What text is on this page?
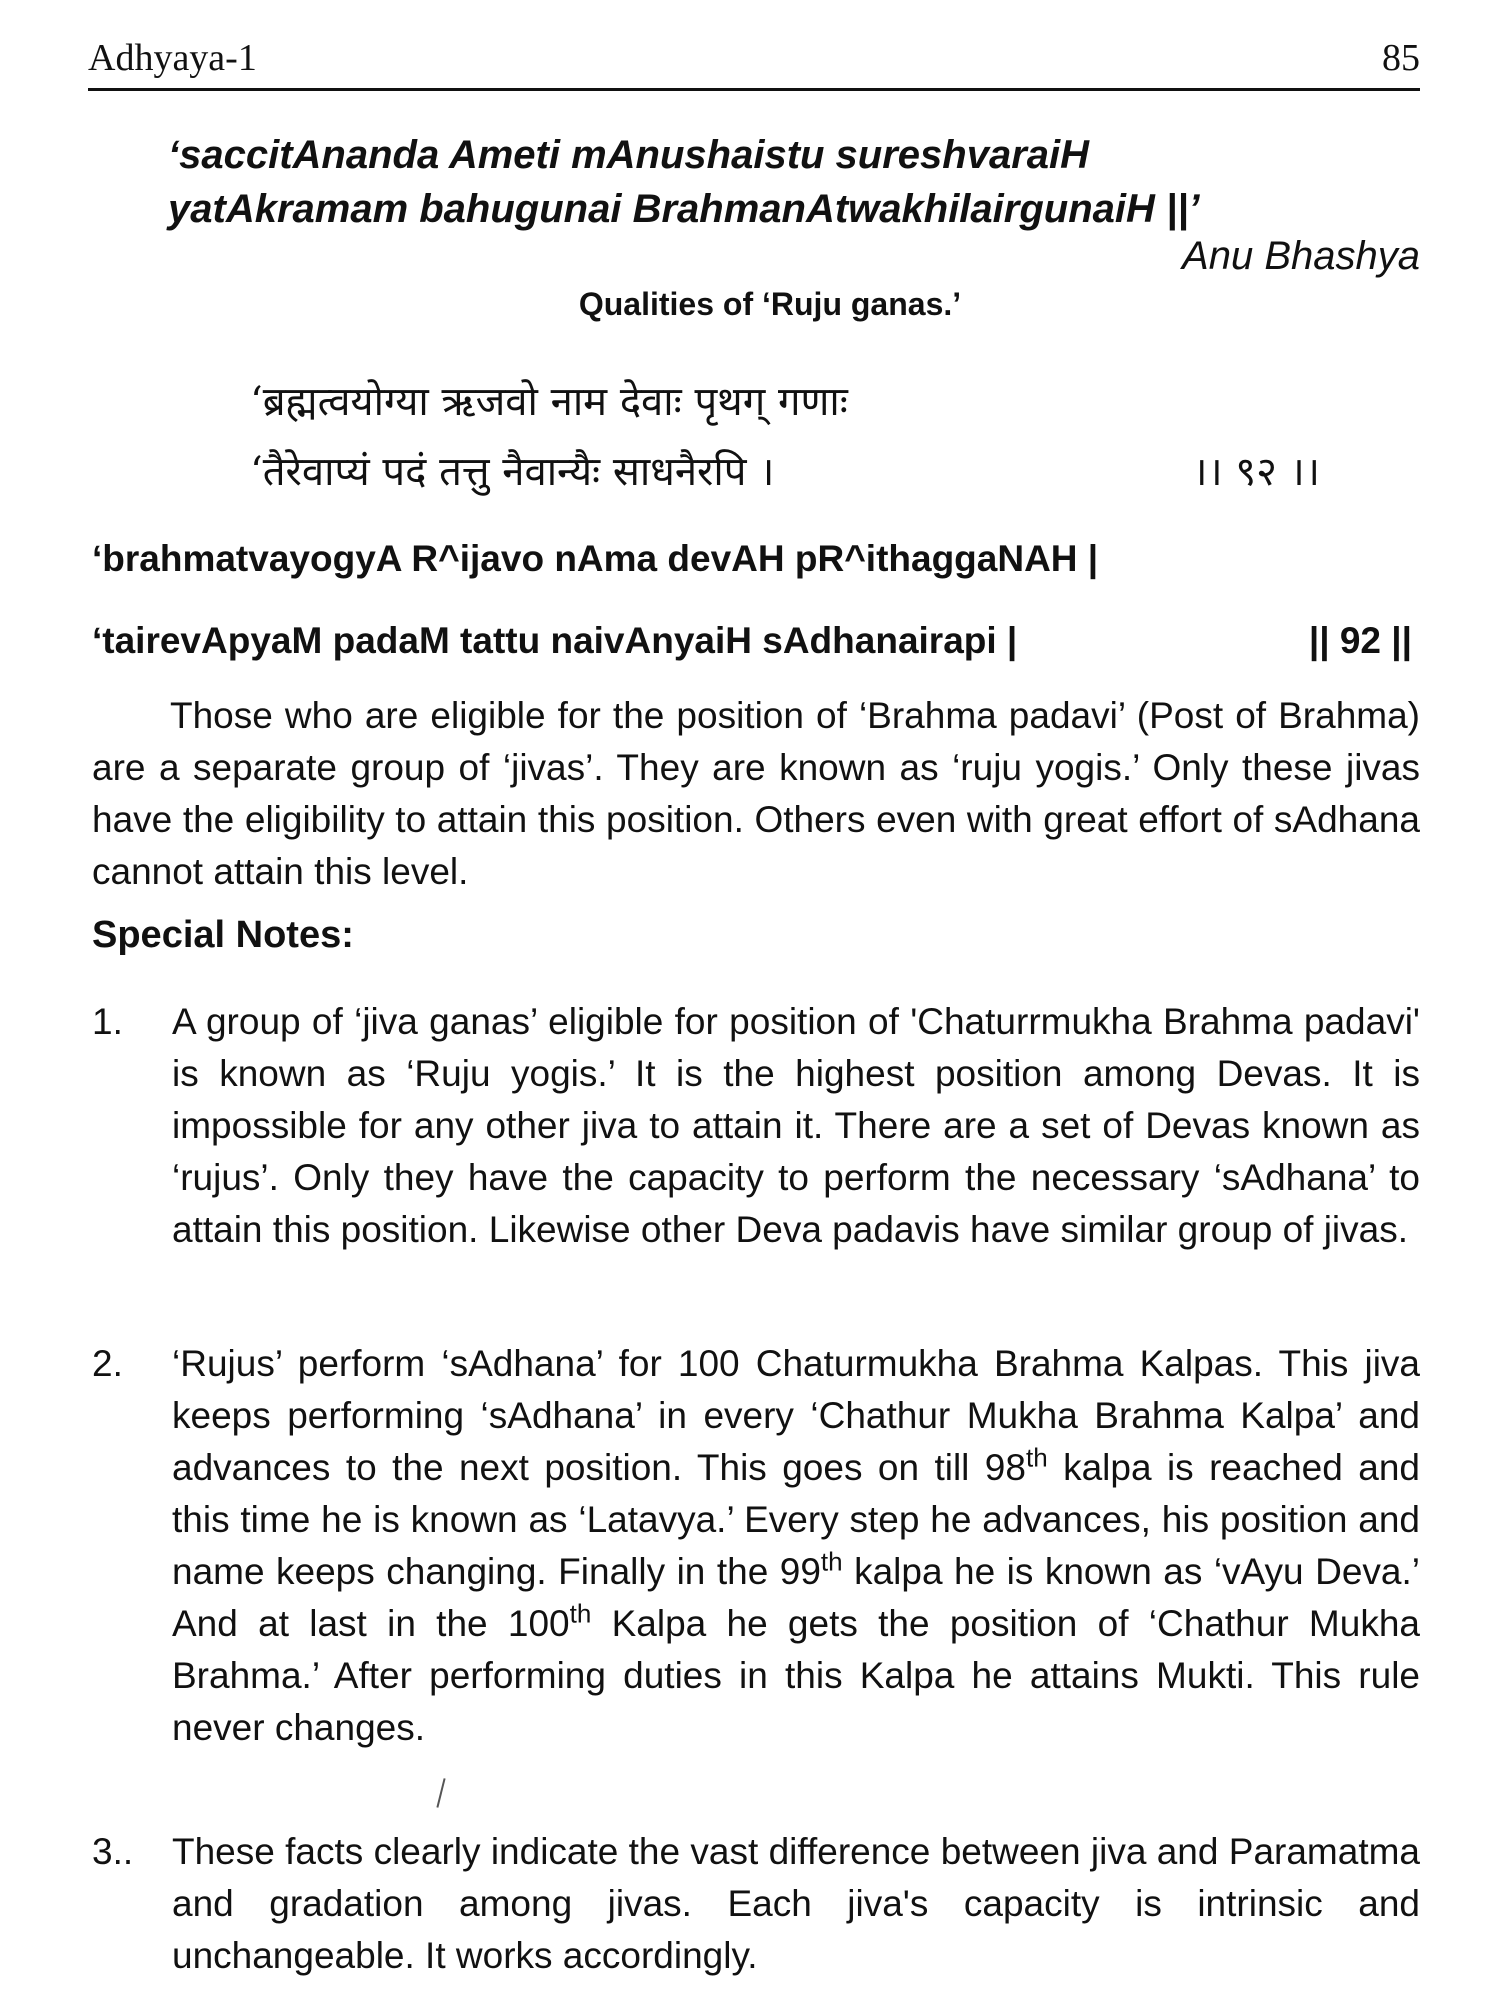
Adhyaya-1	85
‘saccitAnanda Ameti mAnushaistu sureshvaraiH
yatAkramam bahugunai BrahmanAtwakhilairgunaiH ||’
Anu Bhashya
Qualities of ‘Ruju ganas.’
‘ब्रह्मत्वयोग्या ऋजवो नाम देवाः पृथग् गणाः
‘तैरेवाप्यं पदं तत्तु नैवान्यैः साधनैरपि ।	।। ९२ ।।
‘brahmatvayogyA R^ijavo nAma devAH pR^ithaggaNAH |
‘tairevApyaM padaM tattu naivAnyaiH sAdhanairapi |	|| 92 ||

Those who are eligible for the position of ‘Brahma padavi’ (Post of Brahma) are a separate group of ‘jivas’. They are known as ‘ruju yogis.’ Only these jivas have the eligibility to attain this position. Others even with great effort of sAdhana cannot attain this level.

Special Notes:
1. A group of ‘jiva ganas’ eligible for position of 'Chaturrmukha Brahma padavi' is known as ‘Ruju yogis.’ It is the highest position among Devas. It is impossible for any other jiva to attain it. There are a set of Devas known as ‘rujus’. Only they have the capacity to perform the necessary ‘sAdhana’ to attain this position. Likewise other Deva padavis have similar group of jivas.
2. ‘Rujus’ perform ‘sAdhana’ for 100 Chaturmukha Brahma Kalpas. This jiva keeps performing ‘sAdhana’ in every ‘Chathur Mukha Brahma Kalpa’ and advances to the next position. This goes on till 98th kalpa is reached and this time he is known as ‘Latavya.’ Every step he advances, his position and name keeps changing. Finally in the 99th kalpa he is known as ‘vAyu Deva.’ And at last in the 100th Kalpa he gets the position of ‘Chathur Mukha Brahma.’ After performing duties in this Kalpa he attains Mukti. This rule never changes.
3.. These facts clearly indicate the vast difference between jiva and Paramatma and gradation among jivas. Each jiva's capacity is intrinsic and unchangeable. It works accordingly.
